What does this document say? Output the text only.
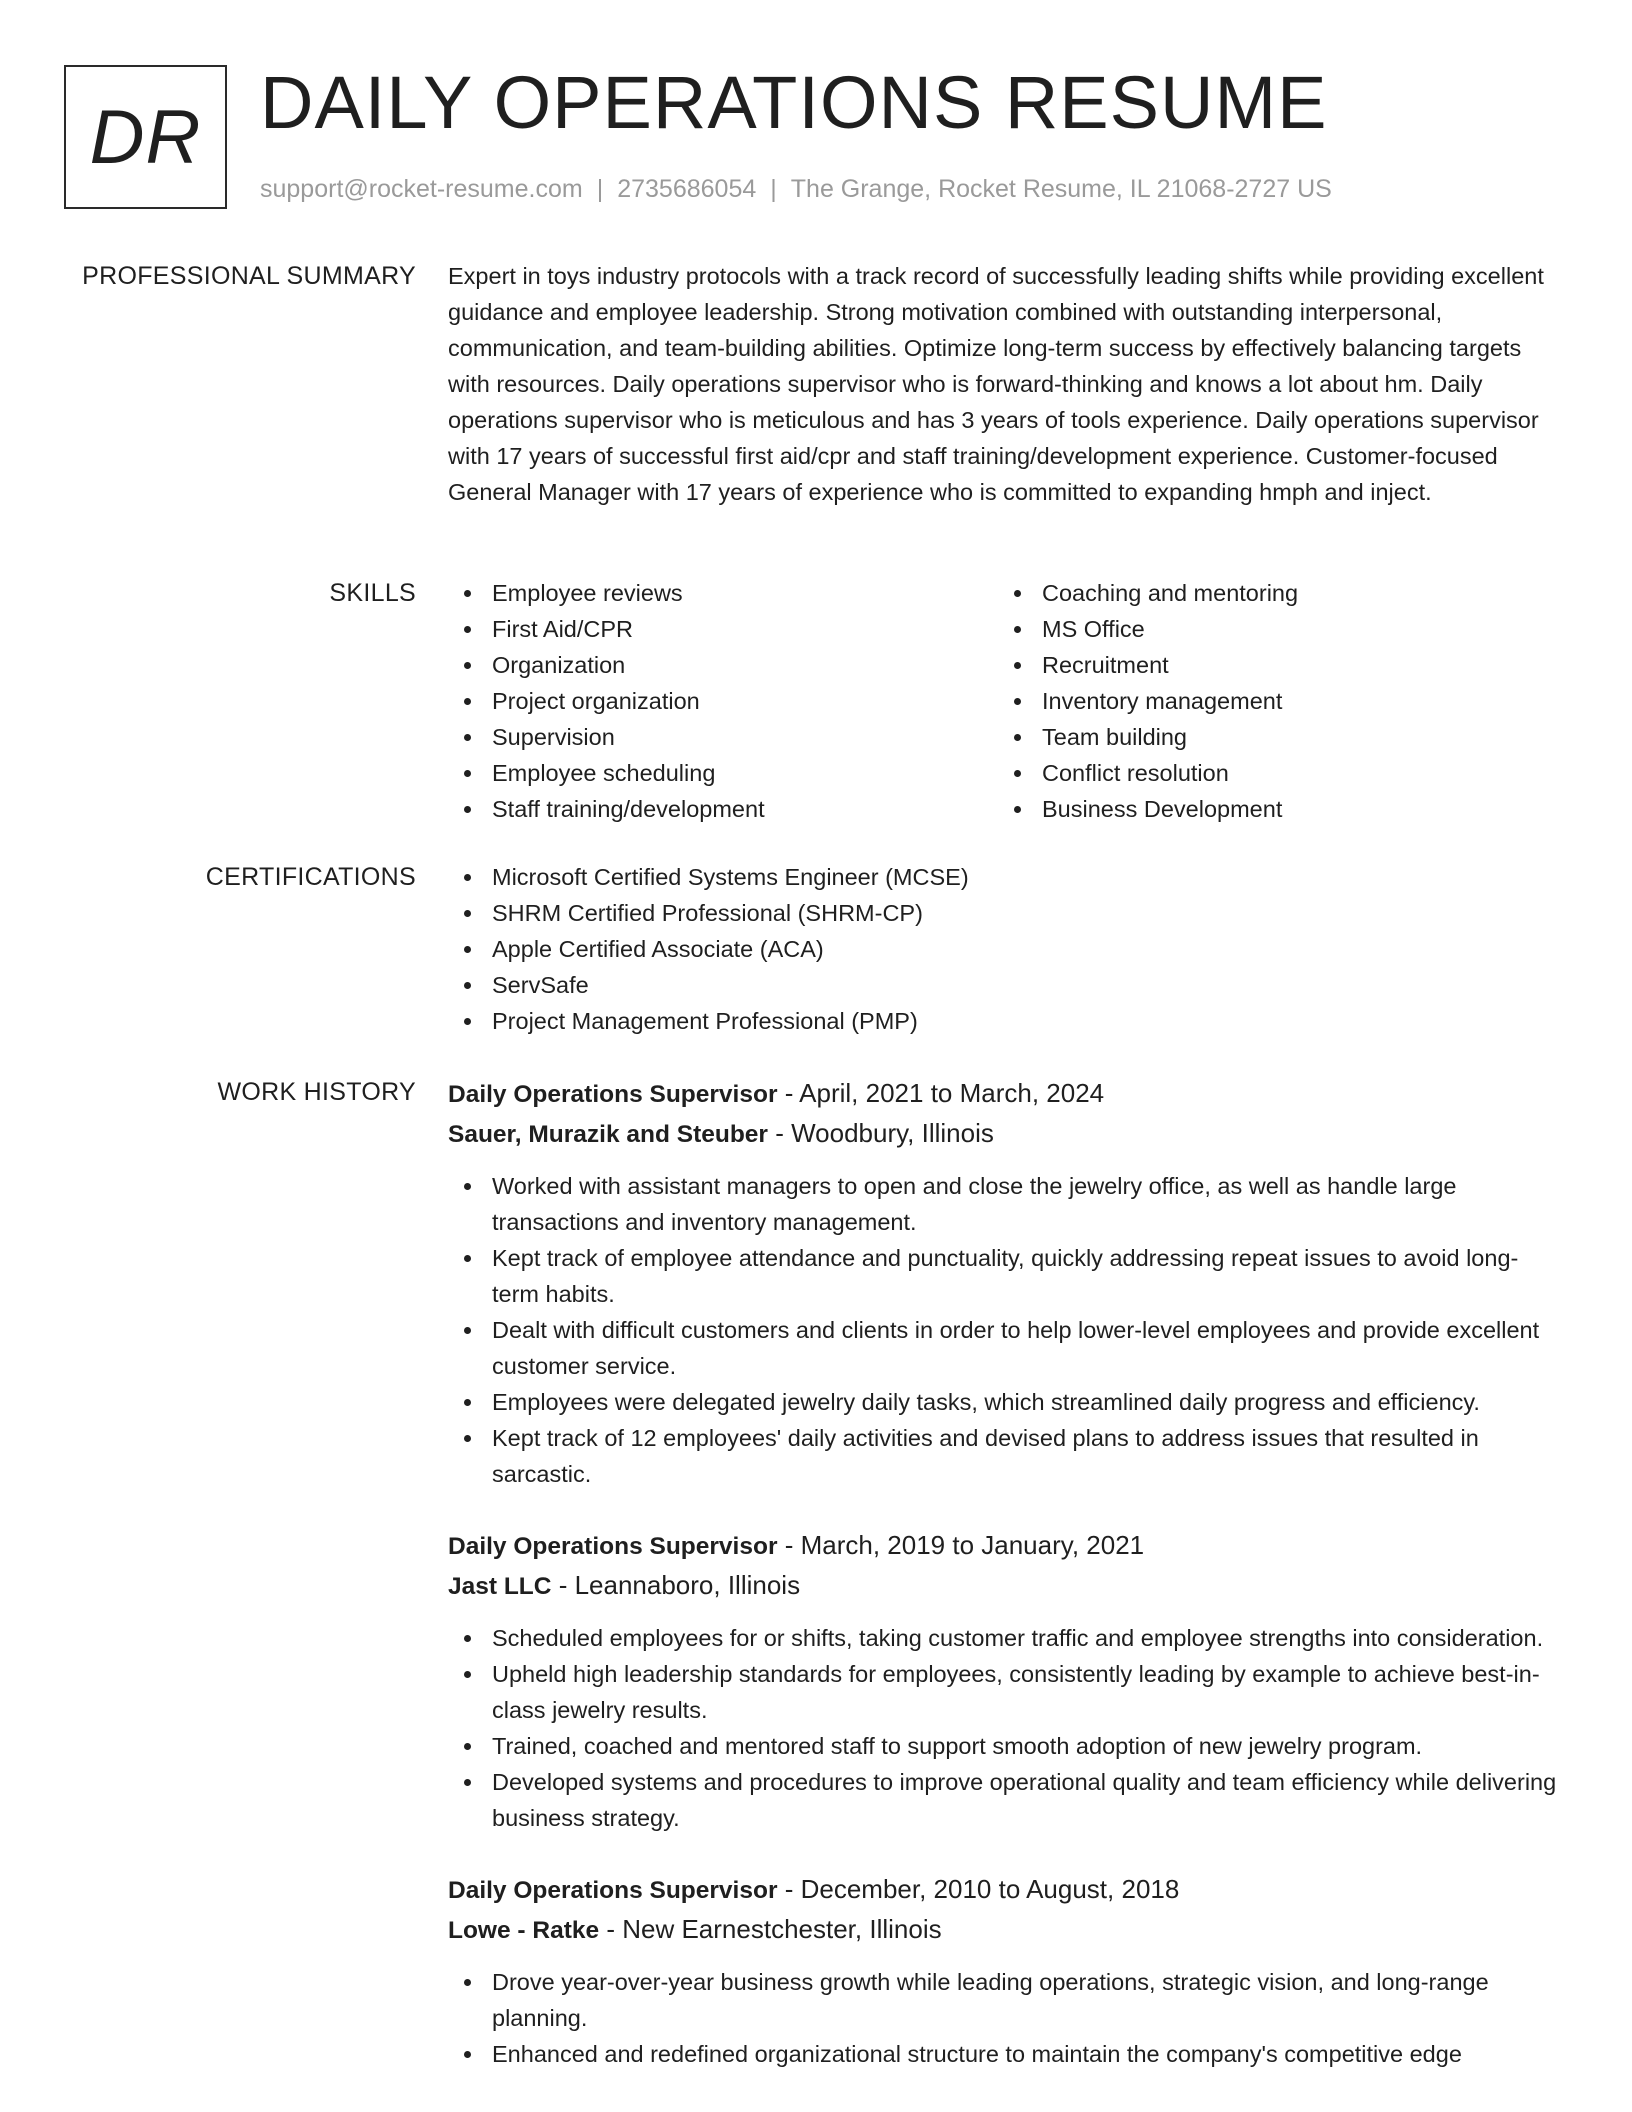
DR DAILY OPERATIONS RESUME
support@rocket-resume.com | 2735686054 | The Grange, Rocket Resume, IL 21068-2727 US
PROFESSIONAL SUMMARY Expert in toys industry protocols with a track record of successfully leading shifts while providing excellent guidance and employee leadership. Strong motivation combined with outstanding interpersonal, communication, and team-building abilities. Optimize long-term success by effectively balancing targets with resources. Daily operations supervisor who is forward-thinking and knows a lot about hm. Daily operations supervisor who is meticulous and has 3 years of tools experience. Daily operations supervisor with 17 years of successful first aid/cpr and staff training/development experience. Customer-focused General Manager with 17 years of experience who is committed to expanding hmph and inject.
SKILLS	Employee reviews
First Aid/CPR
Organization
Project organization
Supervision
Employee scheduling
Staff training/development
Coaching and mentoring
MS Office
Recruitment
Inventory management
Team building
Conflict resolution
Business Development
CERTIFICATIONS	Microsoft Certified Systems Engineer (MCSE)
SHRM Certified Professional (SHRM-CP)
Apple Certified Associate (ACA)
ServSafe
Project Management Professional (PMP)
WORK HISTORY Daily Operations Supervisor - April, 2021 to March, 2024
Sauer, Murazik and Steuber - Woodbury, Illinois
Worked with assistant managers to open and close the jewelry office, as well as handle large transactions and inventory management.
Kept track of employee attendance and punctuality, quickly addressing repeat issues to avoid long-term habits.
Dealt with difficult customers and clients in order to help lower-level employees and provide excellent customer service.
Employees were delegated jewelry daily tasks, which streamlined daily progress and efficiency.
Kept track of 12 employees' daily activities and devised plans to address issues that resulted in sarcastic.
Daily Operations Supervisor - March, 2019 to January, 2021
Jast LLC - Leannaboro, Illinois
Scheduled employees for or shifts, taking customer traffic and employee strengths into consideration.
Upheld high leadership standards for employees, consistently leading by example to achieve best-in-class jewelry results.
Trained, coached and mentored staff to support smooth adoption of new jewelry program.
Developed systems and procedures to improve operational quality and team efficiency while delivering business strategy.
Daily Operations Supervisor - December, 2010 to August, 2018
Lowe - Ratke - New Earnestchester, Illinois
Drove year-over-year business growth while leading operations, strategic vision, and long-range planning.
Enhanced and redefined organizational structure to maintain the company's competitive edge
